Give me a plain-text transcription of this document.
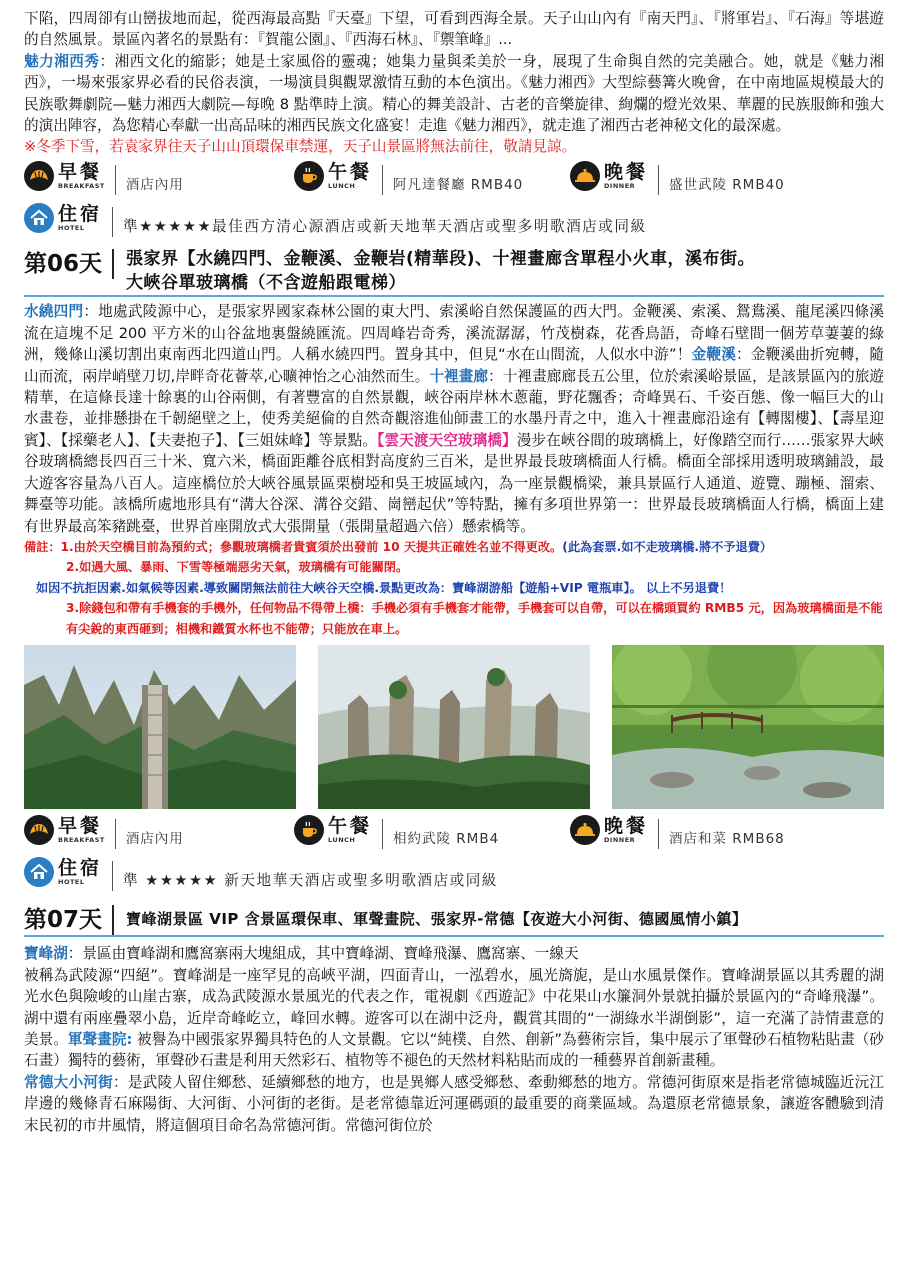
下陷，四周卻有山巒拔地而起，從西海最高點『天臺』下望，可看到西海全景。天子山山內有『南天門』、『將軍岩』、『石海』等堪遊的自然風景。景區內著名的景點有：『賀龍公園』、『西海石林』、『禦筆峰』...

魅力湘西秀：湘西文化的縮影；她是土家風俗的靈魂；她集力量與柔美於一身，展現了生命與自然的完美融合。她，就是《魅力湘西》，一場來張家界必看的民俗表演，一場演員與觀眾激情互動的本色演出。《魅力湘西》大型綜藝篝火晚會，在中南地區規模最大的民族歌舞劇院—魅力湘西大劇院—每晚 8 點準時上演。精心的舞美設計、古老的音樂旋律、絢爛的燈光效果、華麗的民族服飾和強大的演出陣容，為您精心奉獻一出高品味的湘西民族文化盛宴！走進《魅力湘西》，就走進了湘西古老神秘文化的最深處。

※冬季下雪，若袁家界往天子山山頂環保車禁運，天子山景區將無法前往，敬請見諒。

早餐
BREAKFAST 酒店內用
午餐
LUNCH	阿凡達餐廳 RMB40
晚餐
DINNER	盛世武陵 RMB40
住宿
HOTEL	準★★★★★最佳西方清心源酒店或新天地華天酒店或聖多明歌酒店或同級
第06天	張家界【水繞四門、金鞭溪、金鞭岩(精華段)、十裡畫廊含單程小火車，溪布街。
大峽谷單玻璃橋（不含遊船跟電梯）

水繞四門：地處武陵源中心，是張家界國家森林公園的東大門、索溪峪自然保護區的西大門。金鞭溪、索溪、鴛鴦溪、龍尾溪四條溪流在這塊不足 200 平方米的山谷盆地裏盤繞匯流。四周峰岩奇秀，溪流潺潺，竹茂樹森，花香鳥語，奇峰石壁間一個芳草萋萋的綠洲，幾條山溪切割出東南西北四道山門。人稱水繞四門。置身其中，但見“水在山間流，人似水中游”！金鞭溪：金鞭溪曲折宛轉，隨山而流，兩岸峭壁刀切,岸畔奇花薈萃,心曠神怡之心油然而生。十裡畫廊：十裡畫廊廊長五公里，位於索溪峪景區，是該景區內的旅遊精華，在這條長達十餘裏的山谷兩側，有著豐富的自然景觀，峽谷兩岸林木蔥蘢，野花飄香；奇峰異石、千姿百態、像一幅巨大的山水畫卷，並排懸掛在千韌絕壁之上，使秀美絕倫的自然奇觀溶進仙師畫工的水墨丹青之中，進入十裡畫廊沿途有【轉閣樓】、【壽星迎賓】、【採藥老人】、【夫妻抱子】、【三姐妹峰】等景點。【雲天渡天空玻璃橋】漫步在峽谷間的玻璃橋上，好像踏空而行……張家界大峽谷玻璃橋總長四百三十米、寬六米，橋面距離谷底相對高度約三百米，是世界最長玻璃橋面人行橋。橋面全部採用透明玻璃鋪設，最大遊客容量為八百人。這座橋位於大峽谷風景區栗樹埡和吳王坡區域內，為一座景觀橋梁，兼具景區行人通道、遊覽、蹦極、溜索、舞臺等功能。該橋所處地形具有“溝大谷深、溝谷交錯、崗巒起伏”等特點，擁有多項世界第一：世界最長玻璃橋面人行橋，橋面上建有世界最高笨豬跳臺，世界首座開放式大張開量（張開量超過六倍）懸索橋等。

備註：1.由於天空橋目前為預約式；參觀玻璃橋者貴賓須於出發前 10 天提共正確姓名並不得更改。(此為套票.如不走玻璃橋.將不予退費）

2.如遇大風、暴雨、下雪等極端惡劣天氣，玻璃橋有可能關閉。

如因不抗拒因素.如氣候等因素.導致關閉無法前往大峽谷天空橋.景點更改為：寶峰湖游船【遊船+VIP 電瓶車】。 以上不另退費！

3.除錢包和帶有手機套的手機外，任何物品不得帶上橋：手機必須有手機套才能帶，手機套可以自帶，可以在橋頭買約 RMB5 元，因為玻璃橋面是不能有尖銳的東西砸到；相機和鐵質水杯也不能帶；只能放在車上。

早餐
BREAKFAST 酒店內用
午餐
LUNCH	相約武陵 RMB4
晚餐
DINNER	酒店和菜 RMB68
住宿
HOTEL	準 ★★★★★ 新天地華天酒店或聖多明歌酒店或同級
第07天	寶峰湖景區 VIP 含景區環保車、軍聲畫院、張家界-常德【夜遊大小河街、德國風情小鎮】

寶峰湖：景區由寶峰湖和鷹窩寨兩大塊組成，其中寶峰湖、寶峰飛瀑、鷹窩寨、一線天

被稱為武陵源“四絕”。寶峰湖是一座罕見的高峽平湖，四面青山，一泓碧水，風光旖旎，是山水風景傑作。寶峰湖景區以其秀麗的湖光水色與險峻的山崖古寨，成為武陵源水景風光的代表之作，電視劇《西遊記》中花果山水簾洞外景就拍攝於景區內的“奇峰飛瀑”。湖中還有兩座疊翠小島，近岸奇峰屹立，峰回水轉。遊客可以在湖中泛舟，觀賞其間的“一湖綠水半湖倒影”，這一充滿了詩情畫意的美景。軍聲畫院: 被譽為中國張家界獨具特色的人文景觀。它以“純樸、自然、創新”為藝術宗旨，集中展示了軍聲砂石植物粘貼畫（砂石畫）獨特的藝術，軍聲砂石畫是利用天然彩石、植物等不褪色的天然材料粘貼而成的一種藝界首創新畫種。

常德大小河街：是武陵人留住鄉愁、延續鄉愁的地方，也是異鄉人感受鄉愁、牽動鄉愁的地方。常德河街原來是指老常德城臨近沅江岸邊的幾條青石麻陽街、大河街、小河街的老街。是老常德靠近河運碼頭的最重要的商業區域。為還原老常德景象，讓遊客體驗到清末民初的市井風情，將這個項目命名為常德河街。常德河街位於
